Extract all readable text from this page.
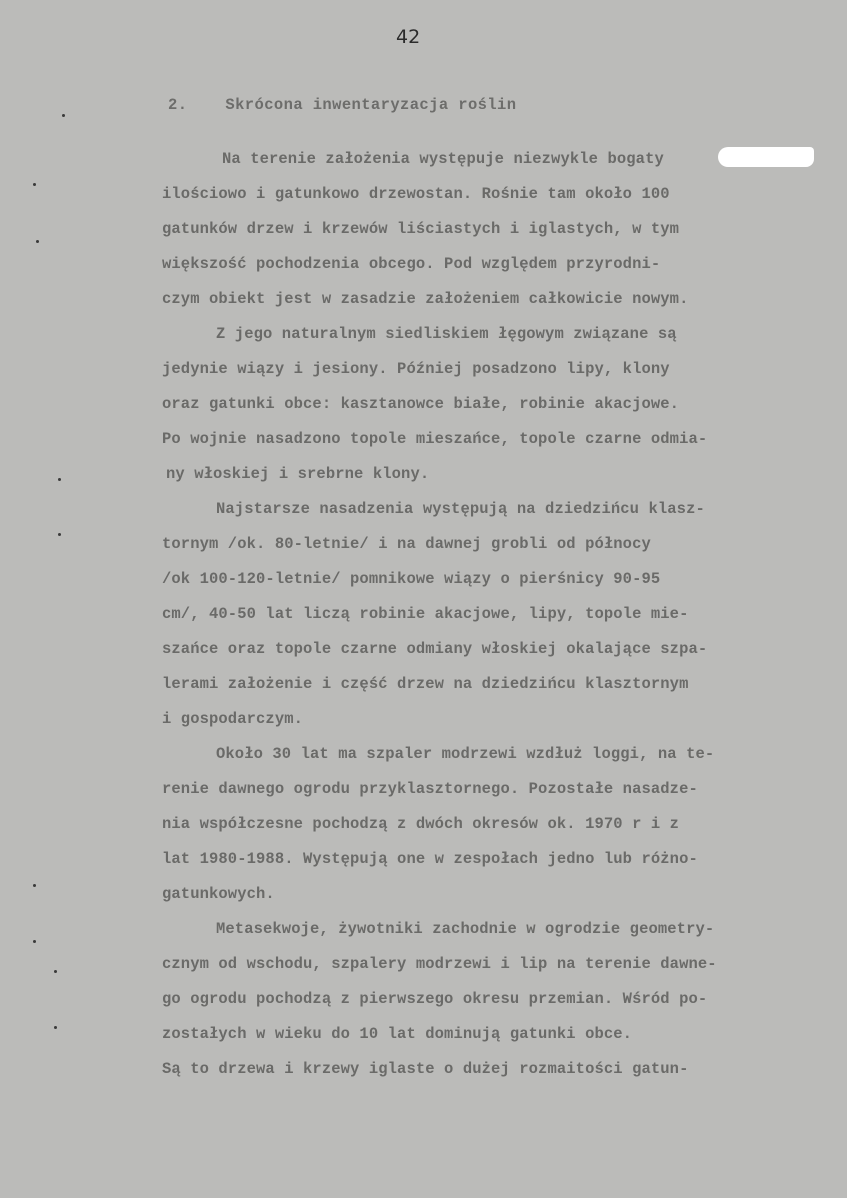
42
2. Skrócona inwentaryzacja roślin
Na terenie założenia występuje niezwykle bogaty
ilościowo i gatunkowo drzewostan. Rośnie tam około 100
gatunków drzew i krzewów liściastych i iglastych, w tym
większość pochodzenia obcego. Pod względem przyrodni-
czym obiekt jest w zasadzie założeniem całkowicie nowym.
Z jego naturalnym siedliskiem łęgowym związane są
jedynie wiązy i jesiony. Później posadzono lipy, klony
oraz gatunki obce: kasztanowce białe, robinie akacjowe.
Po wojnie nasadzono topole mieszańce, topole czarne odmia-
ny włoskiej i srebrne klony.
Najstarsze nasadzenia występują na dziedzińcu klasz-
tornym /ok. 80-letnie/ i na dawnej grobli od północy
/ok 100-120-letnie/ pomnikowe wiązy o pierśnicy 90-95
cm/, 40-50 lat liczą robinie akacjowe, lipy, topole mie-
szańce oraz topole czarne odmiany włoskiej okalające szpa-
lerami założenie i część drzew na dziedzińcu klasztornym
i gospodarczym.
Około 30 lat ma szpaler modrzewi wzdłuż loggi, na te-
renie dawnego ogrodu przyklasztornego. Pozostałe nasadze-
nia współczesne pochodzą z dwóch okresów ok. 1970 r i z
lat 1980-1988. Występują one w zespołach jedno lub różno-
gatunkowych.
Metasekwoje, żywotniki zachodnie w ogrodzie geometry-
cznym od wschodu, szpalery modrzewi i lip na terenie dawne-
go ogrodu pochodzą z pierwszego okresu przemian. Wśród po-
zostałych w wieku do 10 lat dominują gatunki obce.
Są to drzewa i krzewy iglaste o dużej rozmaitości gatun-
